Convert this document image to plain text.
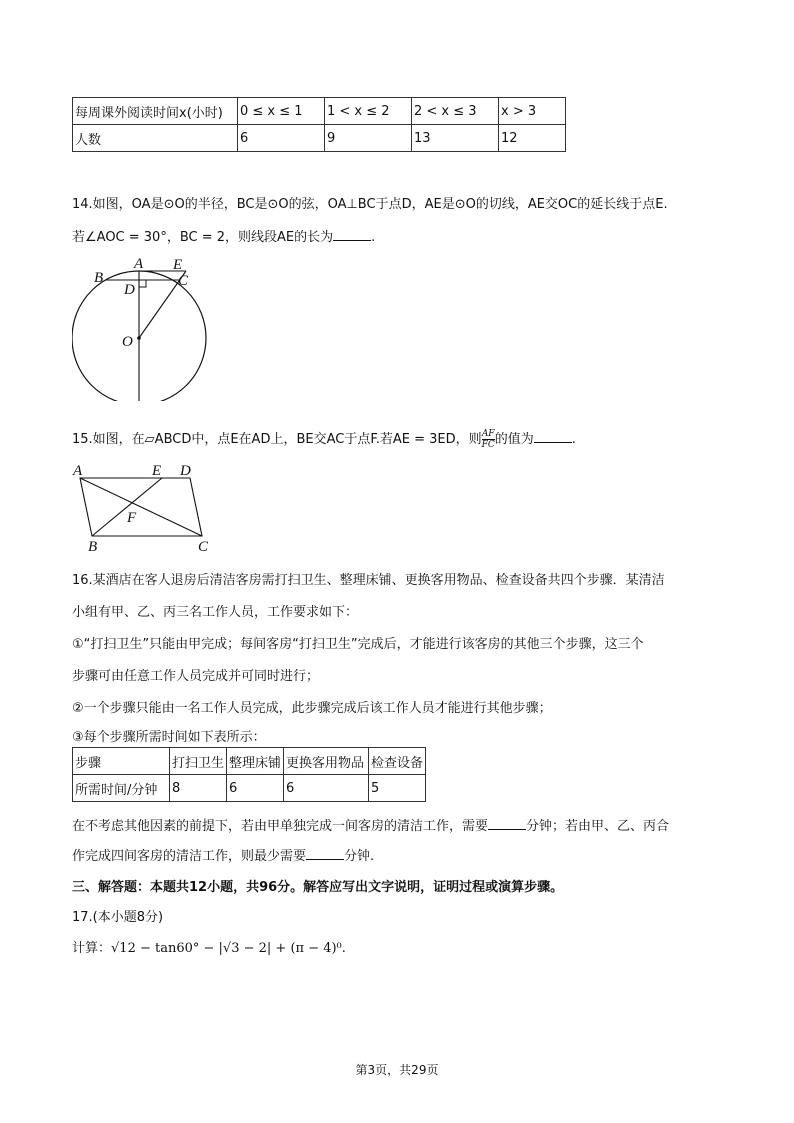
每周课外阅读时间x(小时)	0 ≤ x ≤ 1	1 < x ≤ 2	2 < x ≤ 3	x > 3
人数	6	9	13	12
14.如图，OA是⊙O的半径，BC是⊙O的弦，OA⊥BC于点D，AE是⊙O的切线，AE交OC的延长线于点E.
若∠AOC = 30°，BC = 2，则线段AE的长为	.
A E
B	C
D
O
15.如图，在▱ABCD中，点E在AD上，BE交AC于点F.若AE = 3ED，则 $\frac{AF}{FC}$ 的值为	.
A	E D
F
B	C
16.某酒店在客人退房后清洁客房需打扫卫生、整理床铺、更换客用物品、检查设备共四个步骤．某清洁
小组有甲、乙、丙三名工作人员，工作要求如下：
①“打扫卫生”只能由甲完成；每间客房“打扫卫生”完成后，才能进行该客房的其他三个步骤，这三个
步骤可由任意工作人员完成并可同时进行；
②一个步骤只能由一名工作人员完成，此步骤完成后该工作人员才能进行其他步骤；
③每个步骤所需时间如下表所示：
步骤	打扫卫生	整理床铺	更换客用物品	检查设备
所需时间/分钟	8	6	6	5
在不考虑其他因素的前提下，若由甲单独完成一间客房的清洁工作，需要	分钟；若由甲、乙、丙合
作完成四间客房的清洁工作，则最少需要	分钟.
三、解答题：本题共12小题，共96分。解答应写出文字说明，证明过程或演算步骤。
17.(本小题8分)
计算：√12 − tan60° − |√3 − 2| + (π − 4)⁰.
第3页，共29页
